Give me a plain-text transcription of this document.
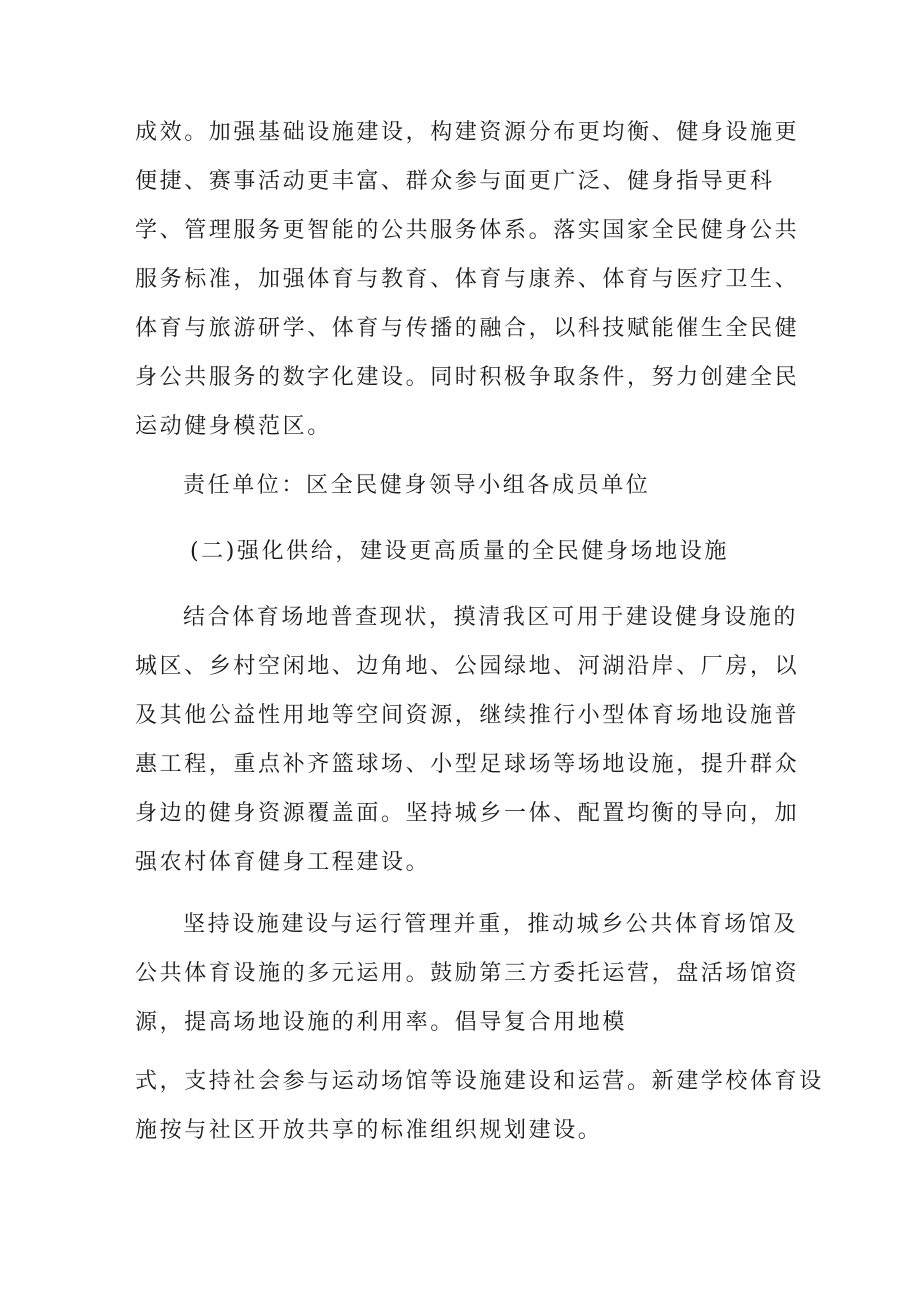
成效。加强基础设施建设，构建资源分布更均衡、健身设施更
便捷、赛事活动更丰富、群众参与面更广泛、健身指导更科
学、管理服务更智能的公共服务体系。落实国家全民健身公共
服务标准，加强体育与教育、体育与康养、体育与医疗卫生、
体育与旅游研学、体育与传播的融合，以科技赋能催生全民健
身公共服务的数字化建设。同时积极争取条件，努力创建全民
运动健身模范区。
责任单位：区全民健身领导小组各成员单位
(二)强化供给，建设更高质量的全民健身场地设施
结合体育场地普查现状，摸清我区可用于建设健身设施的
城区、乡村空闲地、边角地、公园绿地、河湖沿岸、厂房，以
及其他公益性用地等空间资源，继续推行小型体育场地设施普
惠工程，重点补齐篮球场、小型足球场等场地设施，提升群众
身边的健身资源覆盖面。坚持城乡一体、配置均衡的导向，加
强农村体育健身工程建设。
坚持设施建设与运行管理并重，推动城乡公共体育场馆及
公共体育设施的多元运用。鼓励第三方委托运营，盘活场馆资
源，提高场地设施的利用率。倡导复合用地模
式，支持社会参与运动场馆等设施建设和运营。新建学校体育设
施按与社区开放共享的标准组织规划建设。
